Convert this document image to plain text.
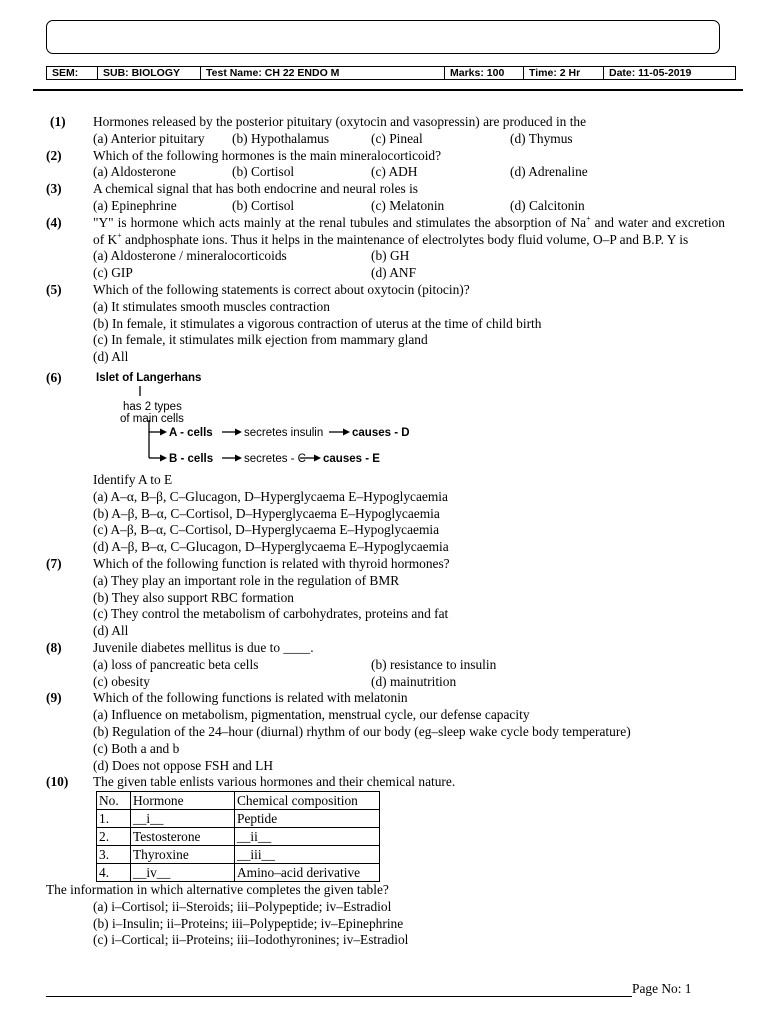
SEM:	SUB: BIOLOGY	Test Name: CH 22 ENDO M	Marks: 100	Time: 2 Hr	Date: 11-05-2019
(1)	Hormones released by the posterior pituitary (oxytocin and vasopressin) are produced in the
(a) Anterior pituitary (b) Hypothalamus	(c) Pineal	(d) Thymus
(2)	Which of the following hormones is the main mineralocorticoid?
(a) Aldosterone	(b) Cortisol	(c) ADH	(d) Adrenaline
(3)	A chemical signal that has both endocrine and neural roles is
(a) Epinephrine	(b) Cortisol	(c) Melatonin	(d) Calcitonin
(4)	"Y" is hormone which acts mainly at the renal tubules and stimulates the absorption of Na+ and water and excretion of K+ andphosphate ions. Thus it helps in the maintenance of electrolytes body fluid volume, O–P and B.P. Y is
(a) Aldosterone / mineralocorticoids	(b) GH
(c) GIP	(d) ANF
(5)	Which of the following statements is correct about oxytocin (pitocin)?
(a) It stimulates smooth muscles contraction
(b) In female, it stimulates a vigorous contraction of uterus at the time of child birth
(c) In female, it stimulates milk ejection from mammary gland
(d) All
(6)	Islet of Langerhans
has 2 types
of main cells
A - cells	secretes insulin causes - D
B - cells	secretes - C causes - E
Identify A to E
(a) A–α, B–β, C–Glucagon, D–Hyperglycaema E–Hypoglycaemia
(b) A–β, B–α, C–Cortisol, D–Hyperglycaema E–Hypoglycaemia
(c) A–β, B–α, C–Cortisol, D–Hyperglycaema E–Hypoglycaemia
(d) A–β, B–α, C–Glucagon, D–Hyperglycaema E–Hypoglycaemia
(7)	Which of the following function is related with thyroid hormones?
(a) They play an important role in the regulation of BMR
(b) They also support RBC formation
(c) They control the metabolism of carbohydrates, proteins and fat
(d) All
(8)	Juvenile diabetes mellitus is due to ____.
(a) loss of pancreatic beta cells	(b) resistance to insulin
(c) obesity	(d) mainutrition
(9)	Which of the following functions is related with melatonin
(a) Influence on metabolism, pigmentation, menstrual cycle, our defense capacity
(b) Regulation of the 24–hour (diurnal) rhythm of our body (eg–sleep wake cycle body temperature)
(c) Both a and b
(d) Does not oppose FSH and LH
(10)	The given table enlists various hormones and their chemical nature.
No.	Hormone	Chemical composition
1.	__i__	Peptide
2.	Testosterone	__ii__
3.	Thyroxine	__iii__
4.	__iv__	Amino–acid derivative
The information in which alternative completes the given table?
(a) i–Cortisol; ii–Steroids; iii–Polypeptide; iv–Estradiol
(b) i–Insulin; ii–Proteins; iii–Polypeptide; iv–Epinephrine
(c) i–Cortical; ii–Proteins; iii–Iodothyronines; iv–Estradiol
Page No: 1
